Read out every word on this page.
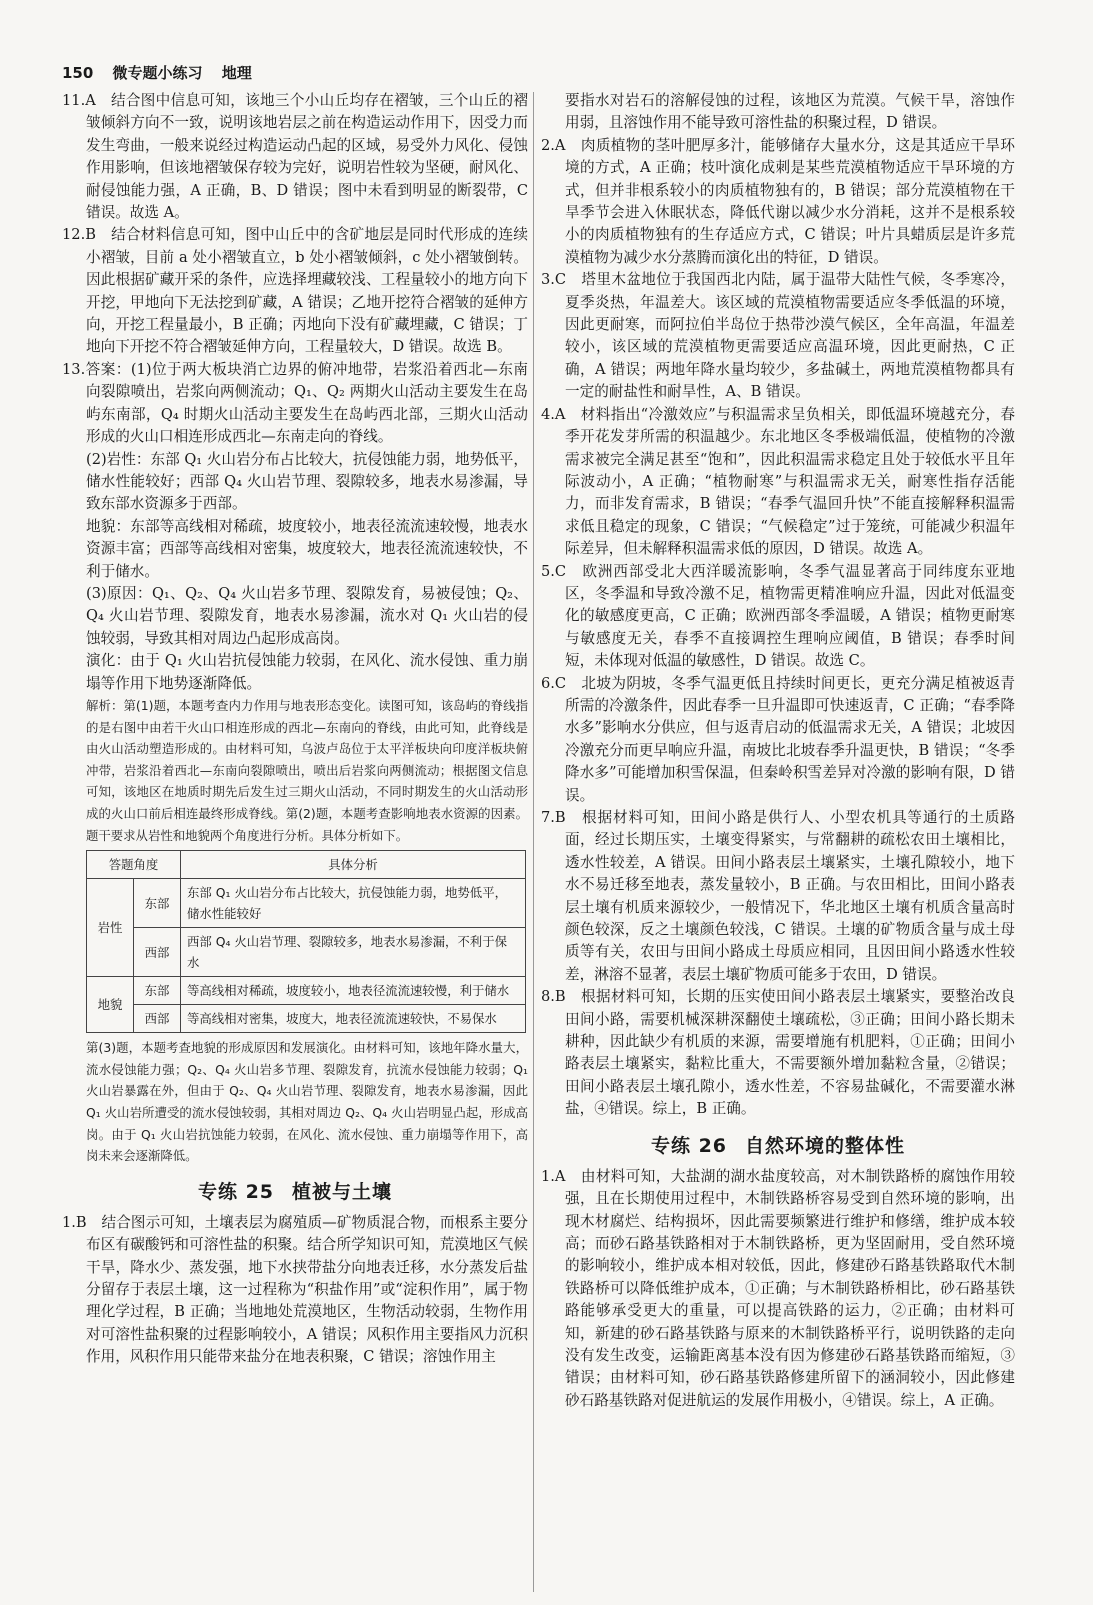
150 微专题小练习 地理

11.A　结合图中信息可知，该地三个小山丘均存在褶皱，三个山丘的褶皱倾斜方向不一致，说明该地岩层之前在构造运动作用下，因受力而发生弯曲，一般来说经过构造运动凸起的区域，易受外力风化、侵蚀作用影响，但该地褶皱保存较为完好，说明岩性较为坚硬，耐风化、耐侵蚀能力强，A 正确，B、D 错误；图中未看到明显的断裂带，C 错误。故选 A。

12.B　结合材料信息可知，图中山丘中的含矿地层是同时代形成的连续小褶皱，目前 a 处小褶皱直立，b 处小褶皱倾斜，c 处小褶皱倒转。因此根据矿藏开采的条件，应选择埋藏较浅、工程量较小的地方向下开挖，甲地向下无法挖到矿藏，A 错误；乙地开挖符合褶皱的延伸方向，开挖工程量最小，B 正确；丙地向下没有矿藏埋藏，C 错误；丁地向下开挖不符合褶皱延伸方向，工程量较大，D 错误。故选 B。

13.答案：(1)位于两大板块消亡边界的俯冲地带，岩浆沿着西北—东南向裂隙喷出，岩浆向两侧流动；Q₁、Q₂ 两期火山活动主要发生在岛屿东南部，Q₄ 时期火山活动主要发生在岛屿西北部，三期火山活动形成的火山口相连形成西北—东南走向的脊线。

(2)岩性：东部 Q₁ 火山岩分布占比较大，抗侵蚀能力弱，地势低平，储水性能较好；西部 Q₄ 火山岩节理、裂隙较多，地表水易渗漏，导致东部水资源多于西部。

地貌：东部等高线相对稀疏，坡度较小，地表径流流速较慢，地表水资源丰富；西部等高线相对密集，坡度较大，地表径流流速较快，不利于储水。

(3)原因：Q₁、Q₂、Q₄ 火山岩多节理、裂隙发育，易被侵蚀；Q₂、Q₄ 火山岩节理、裂隙发育，地表水易渗漏，流水对 Q₁ 火山岩的侵蚀较弱，导致其相对周边凸起形成高岗。

演化：由于 Q₁ 火山岩抗侵蚀能力较弱，在风化、流水侵蚀、重力崩塌等作用下地势逐渐降低。

解析：第(1)题，本题考查内力作用与地表形态变化。读图可知，该岛屿的脊线指的是右图中由若干火山口相连形成的西北—东南向的脊线，由此可知，此脊线是由火山活动塑造形成的。由材料可知，乌波卢岛位于太平洋板块向印度洋板块俯冲带，岩浆沿着西北—东南向裂隙喷出，喷出后岩浆向两侧流动；根据图文信息可知，该地区在地质时期先后发生过三期火山活动，不同时期发生的火山活动形成的火山口前后相连最终形成脊线。第(2)题，本题考查影响地表水资源的因素。题干要求从岩性和地貌两个角度进行分析。具体分析如下。

答题角度		具体分析
岩性	东部	东部 Q₁ 火山岩分布占比较大，抗侵蚀能力弱，地势低平，储水性能较好
	西部	西部 Q₄ 火山岩节理、裂隙较多，地表水易渗漏，不利于保水
地貌	东部	等高线相对稀疏，坡度较小，地表径流流速较慢，利于储水
	西部	等高线相对密集，坡度大，地表径流流速较快，不易保水

第(3)题，本题考查地貌的形成原因和发展演化。由材料可知，该地年降水量大，流水侵蚀能力强；Q₂、Q₄ 火山岩多节理、裂隙发育，抗流水侵蚀能力较弱；Q₁ 火山岩暴露在外，但由于 Q₂、Q₄ 火山岩节理、裂隙发育，地表水易渗漏，因此 Q₁ 火山岩所遭受的流水侵蚀较弱，其相对周边 Q₂、Q₄ 火山岩明显凸起，形成高岗。由于 Q₁ 火山岩抗蚀能力较弱，在风化、流水侵蚀、重力崩塌等作用下，高岗未来会逐渐降低。

专练 25 植被与土壤

1.B　结合图示可知，土壤表层为腐殖质—矿物质混合物，而根系主要分布区有碳酸钙和可溶性盐的积聚。结合所学知识可知，荒漠地区气候干旱，降水少、蒸发强，地下水挟带盐分向地表迁移，水分蒸发后盐分留存于表层土壤，这一过程称为“积盐作用”或“淀积作用”，属于物理化学过程，B 正确；当地地处荒漠地区，生物活动较弱，生物作用对可溶性盐积聚的过程影响较小，A 错误；风积作用主要指风力沉积作用，风积作用只能带来盐分在地表积聚，C 错误；溶蚀作用主

要指水对岩石的溶解侵蚀的过程，该地区为荒漠。气候干旱，溶蚀作用弱，且溶蚀作用不能导致可溶性盐的积聚过程，D 错误。

2.A　肉质植物的茎叶肥厚多汁，能够储存大量水分，这是其适应干旱环境的方式，A 正确；枝叶演化成刺是某些荒漠植物适应干旱环境的方式，但并非根系较小的肉质植物独有的，B 错误；部分荒漠植物在干旱季节会进入休眠状态，降低代谢以减少水分消耗，这并不是根系较小的肉质植物独有的生存适应方式，C 错误；叶片具蜡质层是许多荒漠植物为减少水分蒸腾而演化出的特征，D 错误。

3.C　塔里木盆地位于我国西北内陆，属于温带大陆性气候，冬季寒冷，夏季炎热，年温差大。该区域的荒漠植物需要适应冬季低温的环境，因此更耐寒，而阿拉伯半岛位于热带沙漠气候区，全年高温，年温差较小，该区域的荒漠植物更需要适应高温环境，因此更耐热，C 正确，A 错误；两地年降水量均较少，多盐碱土，两地荒漠植物都具有一定的耐盐性和耐旱性，A、B 错误。

4.A　材料指出“冷激效应”与积温需求呈负相关，即低温环境越充分，春季开花发芽所需的积温越少。东北地区冬季极端低温，使植物的冷激需求被完全满足甚至“饱和”，因此积温需求稳定且处于较低水平且年际波动小，A 正确；“植物耐寒”与积温需求无关，耐寒性指存活能力，而非发育需求，B 错误；“春季气温回升快”不能直接解释积温需求低且稳定的现象，C 错误；“气候稳定”过于笼统，可能减少积温年际差异，但未解释积温需求低的原因，D 错误。故选 A。

5.C　欧洲西部受北大西洋暖流影响，冬季气温显著高于同纬度东亚地区，冬季温和导致冷激不足，植物需更精准响应升温，因此对低温变化的敏感度更高，C 正确；欧洲西部冬季温暖，A 错误；植物更耐寒与敏感度无关，春季不直接调控生理响应阈值，B 错误；春季时间短，未体现对低温的敏感性，D 错误。故选 C。

6.C　北坡为阴坡，冬季气温更低且持续时间更长，更充分满足植被返青所需的冷激条件，因此春季一旦升温即可快速返青，C 正确；“春季降水多”影响水分供应，但与返青启动的低温需求无关，A 错误；北坡因冷激充分而更早响应升温，南坡比北坡春季升温更快，B 错误；“冬季降水多”可能增加积雪保温，但秦岭积雪差异对冷激的影响有限，D 错误。

7.B　根据材料可知，田间小路是供行人、小型农机具等通行的土质路面，经过长期压实，土壤变得紧实，与常翻耕的疏松农田土壤相比，透水性较差，A 错误。田间小路表层土壤紧实，土壤孔隙较小，地下水不易迁移至地表，蒸发量较小，B 正确。与农田相比，田间小路表层土壤有机质来源较少，一般情况下，华北地区土壤有机质含量高时颜色较深，反之土壤颜色较浅，C 错误。土壤的矿物质含量与成土母质等有关，农田与田间小路成土母质应相同，且因田间小路透水性较差，淋溶不显著，表层土壤矿物质可能多于农田，D 错误。

8.B　根据材料可知，长期的压实使田间小路表层土壤紧实，要整治改良田间小路，需要机械深耕深翻使土壤疏松，③正确；田间小路长期未耕种，因此缺少有机质的来源，需要增施有机肥料，①正确；田间小路表层土壤紧实，黏粒比重大，不需要额外增加黏粒含量，②错误；田间小路表层土壤孔隙小，透水性差，不容易盐碱化，不需要灌水淋盐，④错误。综上，B 正确。

专练 26 自然环境的整体性

1.A　由材料可知，大盐湖的湖水盐度较高，对木制铁路桥的腐蚀作用较强，且在长期使用过程中，木制铁路桥容易受到自然环境的影响，出现木材腐烂、结构损坏，因此需要频繁进行维护和修缮，维护成本较高；而砂石路基铁路相对于木制铁路桥，更为坚固耐用，受自然环境的影响较小，维护成本相对较低，因此，修建砂石路基铁路取代木制铁路桥可以降低维护成本，①正确；与木制铁路桥相比，砂石路基铁路能够承受更大的重量，可以提高铁路的运力，②正确；由材料可知，新建的砂石路基铁路与原来的木制铁路桥平行，说明铁路的走向没有发生改变，运输距离基本没有因为修建砂石路基铁路而缩短，③错误；由材料可知，砂石路基铁路修建所留下的涵洞较小，因此修建砂石路基铁路对促进航运的发展作用极小，④错误。综上，A 正确。
